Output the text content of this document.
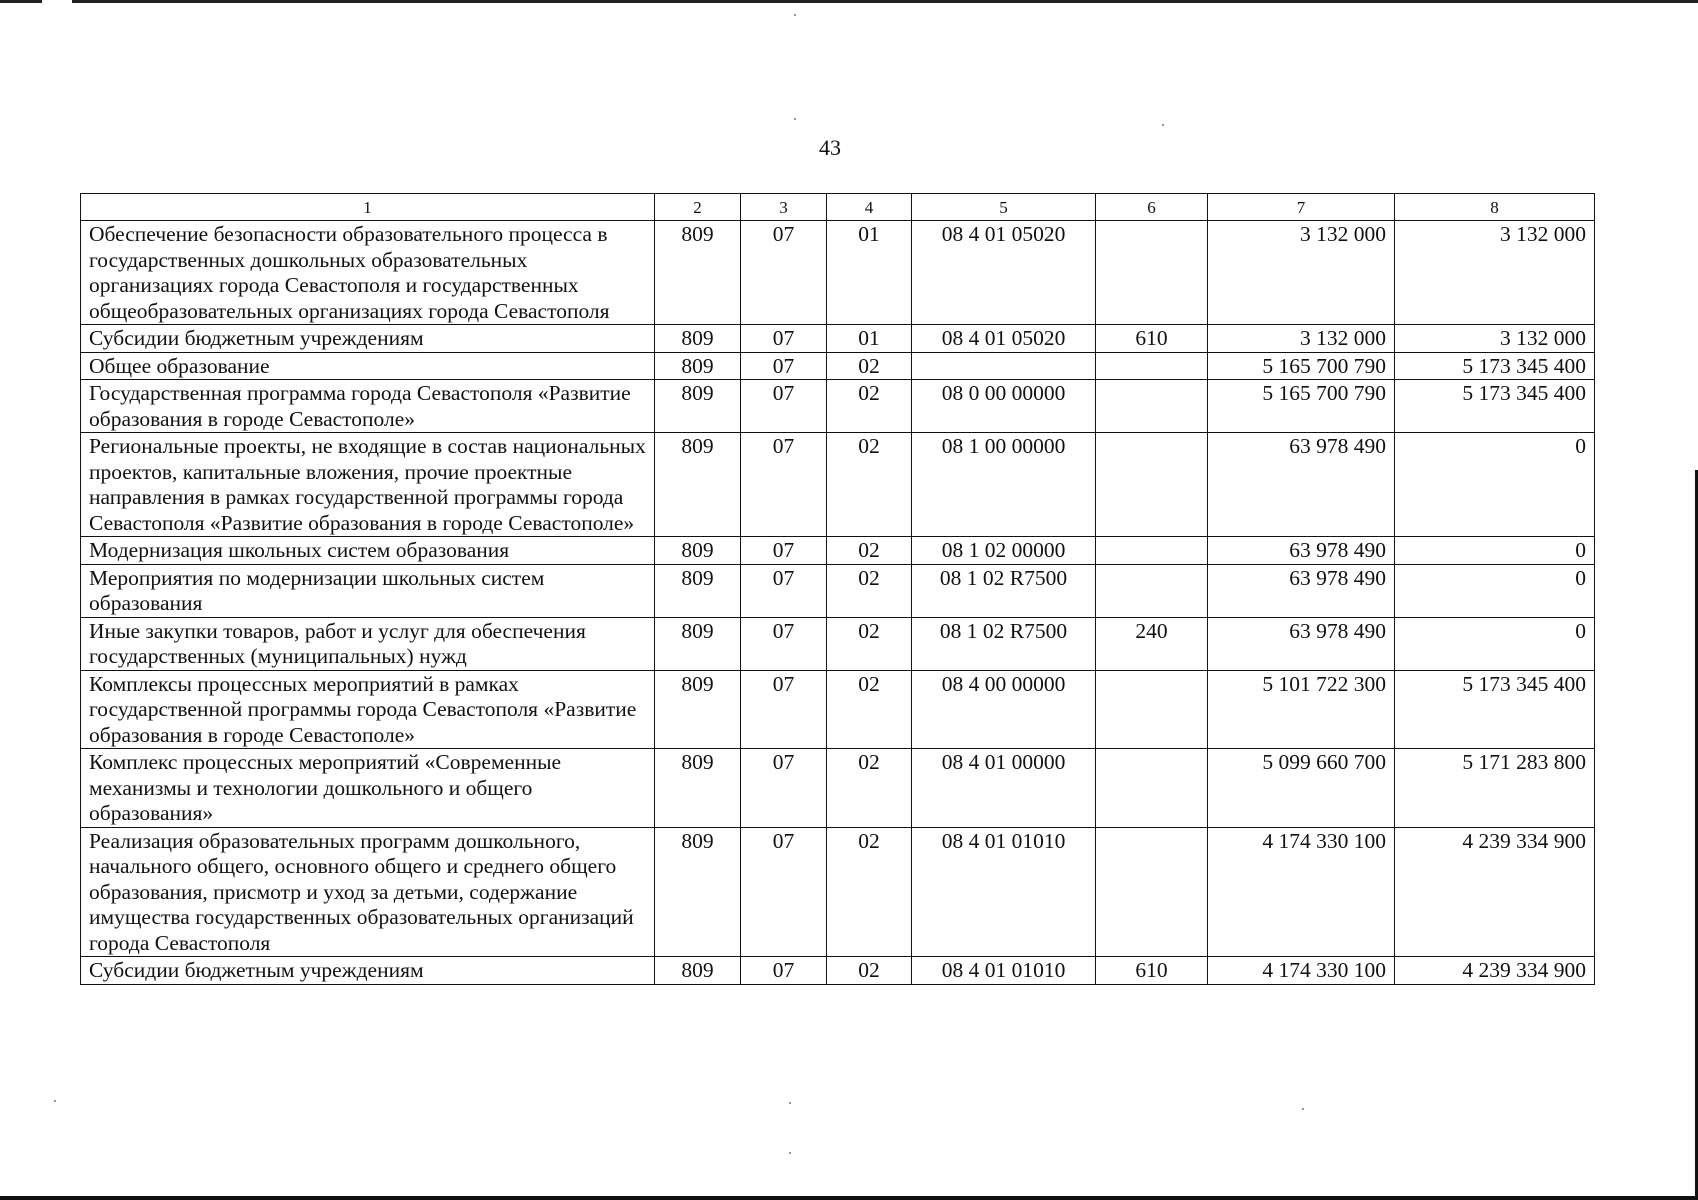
43
1	2	3	4	5	6	7	8
Обеспечение безопасности образовательного процесса в государственных дошкольных образовательных организациях города Севастополя и государственных общеобразовательных организациях города Севастополя	809	07	01	08 4 01 05020		3 132 000	3 132 000
Субсидии бюджетным учреждениям	809	07	01	08 4 01 05020	610	3 132 000	3 132 000
Общее образование	809	07	02			5 165 700 790	5 173 345 400
Государственная программа города Севастополя «Развитие образования в городе Севастополе»	809	07	02	08 0 00 00000		5 165 700 790	5 173 345 400
Региональные проекты, не входящие в состав национальных проектов, капитальные вложения, прочие проектные направления в рамках государственной программы города Севастополя «Развитие образования в городе Севастополе»	809	07	02	08 1 00 00000		63 978 490	0
Модернизация школьных систем образования	809	07	02	08 1 02 00000		63 978 490	0
Мероприятия по модернизации школьных систем образования	809	07	02	08 1 02 R7500		63 978 490	0
Иные закупки товаров, работ и услуг для обеспечения государственных (муниципальных) нужд	809	07	02	08 1 02 R7500	240	63 978 490	0
Комплексы процессных мероприятий в рамках государственной программы города Севастополя «Развитие образования в городе Севастополе»	809	07	02	08 4 00 00000		5 101 722 300	5 173 345 400
Комплекс процессных мероприятий «Современные механизмы и технологии дошкольного и общего образования»	809	07	02	08 4 01 00000		5 099 660 700	5 171 283 800
Реализация образовательных программ дошкольного, начального общего, основного общего и среднего общего образования, присмотр и уход за детьми, содержание имущества государственных образовательных организаций города Севастополя	809	07	02	08 4 01 01010		4 174 330 100	4 239 334 900
Субсидии бюджетным учреждениям	809	07	02	08 4 01 01010	610	4 174 330 100	4 239 334 900
